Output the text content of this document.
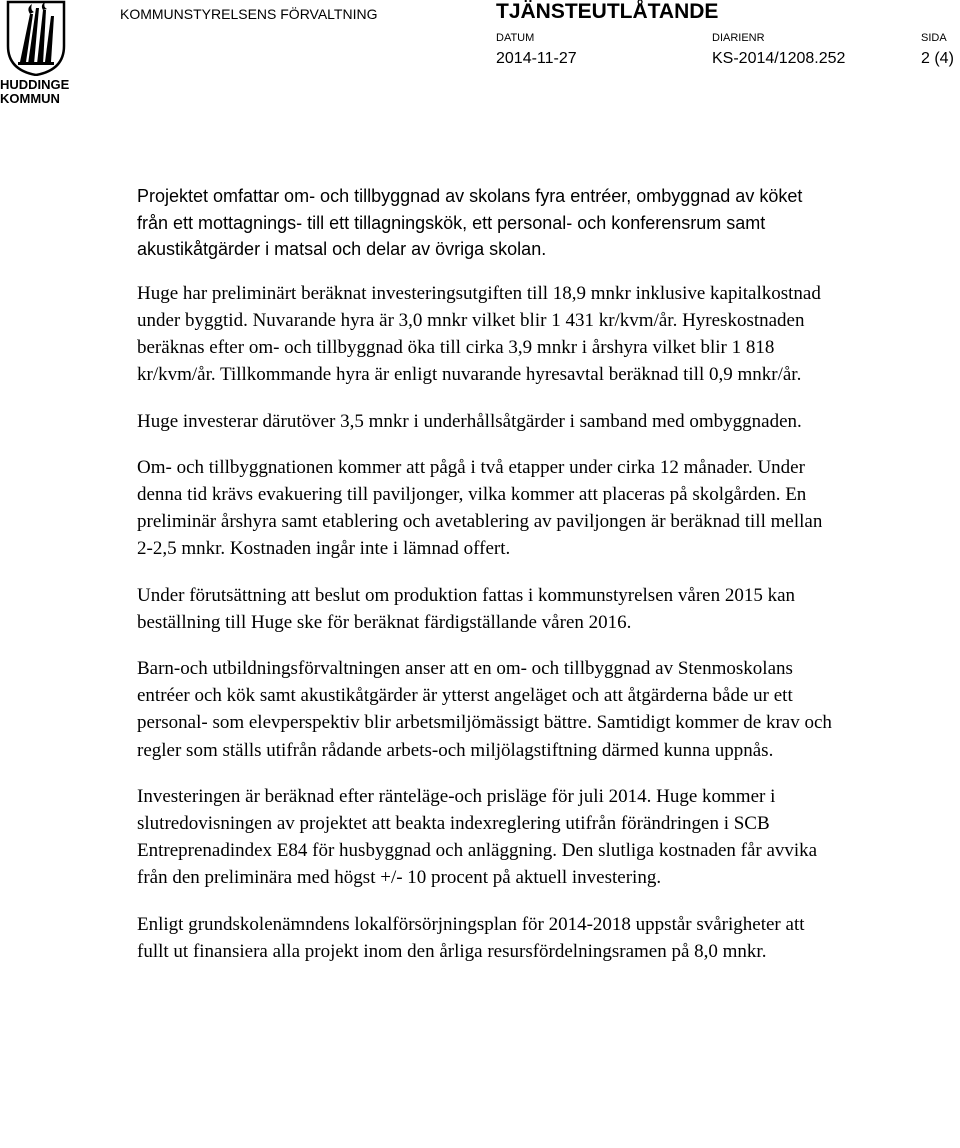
HUDDINGE
KOMMUN
KOMMUNSTYRELSENS FÖRVALTNING	TJÄNSTEUTLÅTANDE
DATUM
2014-11-27
DIARIENR
KS-2014/1208.252
SIDA
2 (4)

Projektet omfattar om- och tillbyggnad av skolans fyra entréer, ombyggnad av köket från ett mottagnings- till ett tillagningskök, ett personal- och konferensrum samt akustikåtgärder i matsal och delar av övriga skolan.

Huge har preliminärt beräknat investeringsutgiften till 18,9 mnkr inklusive kapitalkostnad under byggtid. Nuvarande hyra är 3,0 mnkr vilket blir 1 431 kr/kvm/år. Hyreskostnaden beräknas efter om- och tillbyggnad öka till cirka 3,9 mnkr i årshyra vilket blir 1 818 kr/kvm/år. Tillkommande hyra är enligt nuvarande hyresavtal beräknad till 0,9 mnkr/år.

Huge investerar därutöver 3,5 mnkr i underhållsåtgärder i samband med ombyggnaden.

Om- och tillbyggnationen kommer att pågå i två etapper under cirka 12 månader. Under denna tid krävs evakuering till paviljonger, vilka kommer att placeras på skolgården. En preliminär årshyra samt etablering och avetablering av paviljongen är beräknad till mellan 2-2,5 mnkr. Kostnaden ingår inte i lämnad offert.

Under förutsättning att beslut om produktion fattas i kommunstyrelsen våren 2015 kan beställning till Huge ske för beräknat färdigställande våren 2016.

Barn-och utbildningsförvaltningen anser att en om- och tillbyggnad av Stenmoskolans entréer och kök samt akustikåtgärder är ytterst angeläget och att åtgärderna både ur ett personal- som elevperspektiv blir arbetsmiljömässigt bättre. Samtidigt kommer de krav och regler som ställs utifrån rådande arbets-och miljölagstiftning därmed kunna uppnås.

Investeringen är beräknad efter ränteläge-och prisläge för juli 2014. Huge kommer i slutredovisningen av projektet att beakta indexreglering utifrån förändringen i SCB Entreprenadindex E84 för husbyggnad och anläggning. Den slutliga kostnaden får avvika från den preliminära med högst +/- 10 procent på aktuell investering.

Enligt grundskolenämndens lokalförsörjningsplan för 2014-2018 uppstår svårigheter att fullt ut finansiera alla projekt inom den årliga resursfördelningsramen på 8,0 mnkr.
